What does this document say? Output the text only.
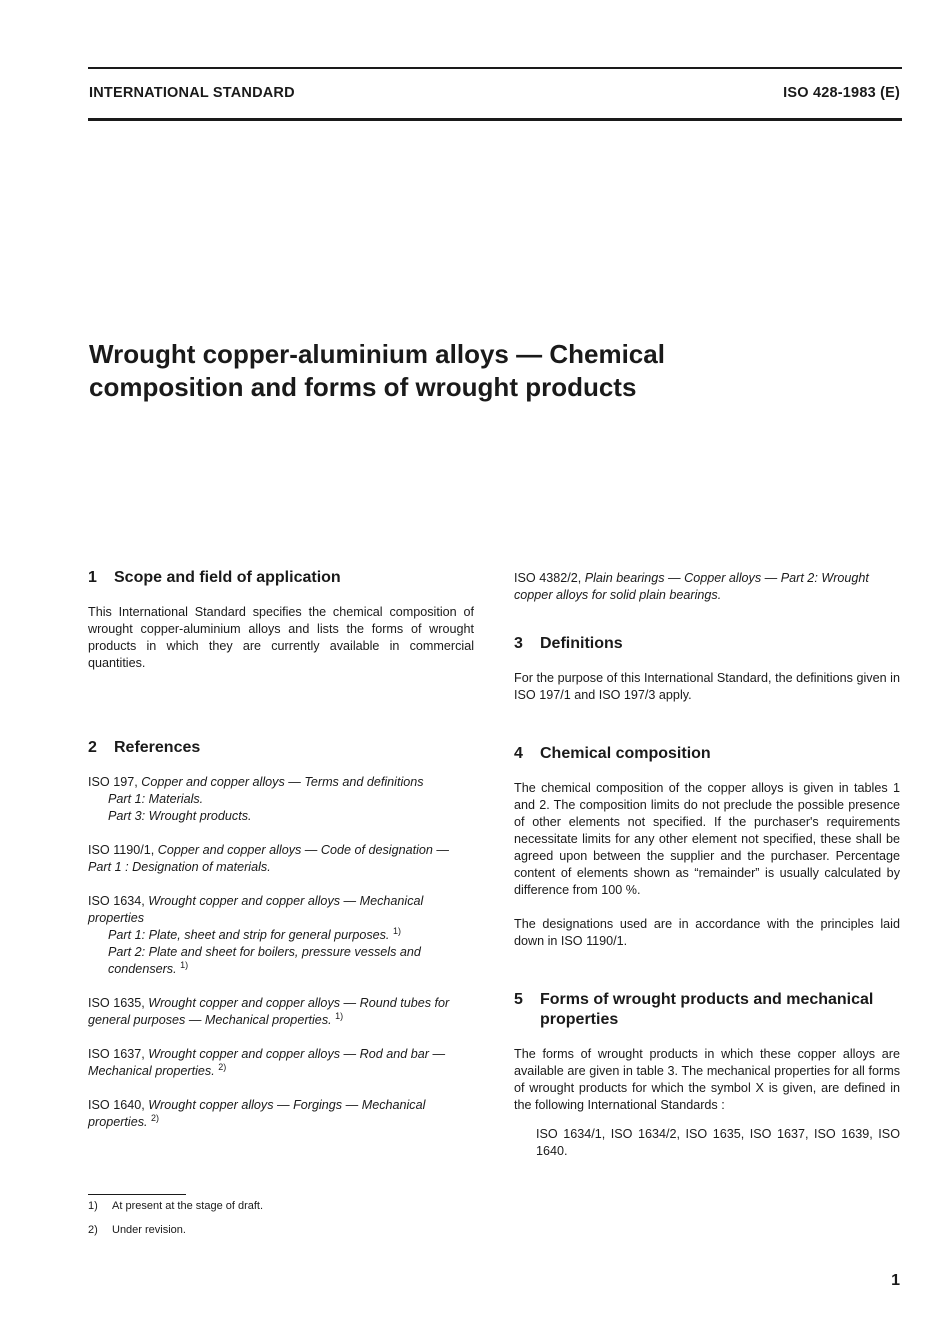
INTERNATIONAL STANDARD	ISO 428-1983 (E)
Wrought copper-aluminium alloys — Chemical
composition and forms of wrought products
1 Scope and field of application

This International Standard specifies the chemical composition of wrought copper-aluminium alloys and lists the forms of wrought products in which they are currently available in commercial quantities.

2 References
ISO 197, Copper and copper alloys — Terms and definitions
Part 1: Materials.
Part 3: Wrought products.
ISO 1190/1, Copper and copper alloys — Code of designation — Part 1 : Designation of materials.
ISO 1634, Wrought copper and copper alloys — Mechanical properties
Part 1: Plate, sheet and strip for general purposes. $^{1)}$
Part 2: Plate and sheet for boilers, pressure vessels and condensers. $^{1)}$
ISO 1635, Wrought copper and copper alloys — Round tubes for general purposes — Mechanical properties. $^{1)}$
ISO 1637, Wrought copper and copper alloys — Rod and bar — Mechanical properties. $^{2)}$
ISO 1640, Wrought copper alloys — Forgings — Mechanical properties. $^{2)}$
ISO 4382/2, Plain bearings — Copper alloys — Part 2: Wrought copper alloys for solid plain bearings.
3 Definitions

For the purpose of this International Standard, the definitions given in ISO 197/1 and ISO 197/3 apply.

4 Chemical composition

The chemical composition of the copper alloys is given in tables 1 and 2. The composition limits do not preclude the possible presence of other elements not specified. If the purchaser's requirements necessitate limits for any other element not specified, these shall be agreed upon between the supplier and the purchaser. Percentage content of elements shown as “remainder” is usually calculated by difference from 100 %.

The designations used are in accordance with the principles laid down in ISO 1190/1.

5	Forms of wrought products and mechanical properties

The forms of wrought products in which these copper alloys are available are given in table 3. The mechanical properties for all forms of wrought products for which the symbol X is given, are defined in the following International Standards :

ISO 1634/1, ISO 1634/2, ISO 1635, ISO 1637, ISO 1639, ISO 1640.

1) At present at the stage of draft.
2) Under revision.
1
